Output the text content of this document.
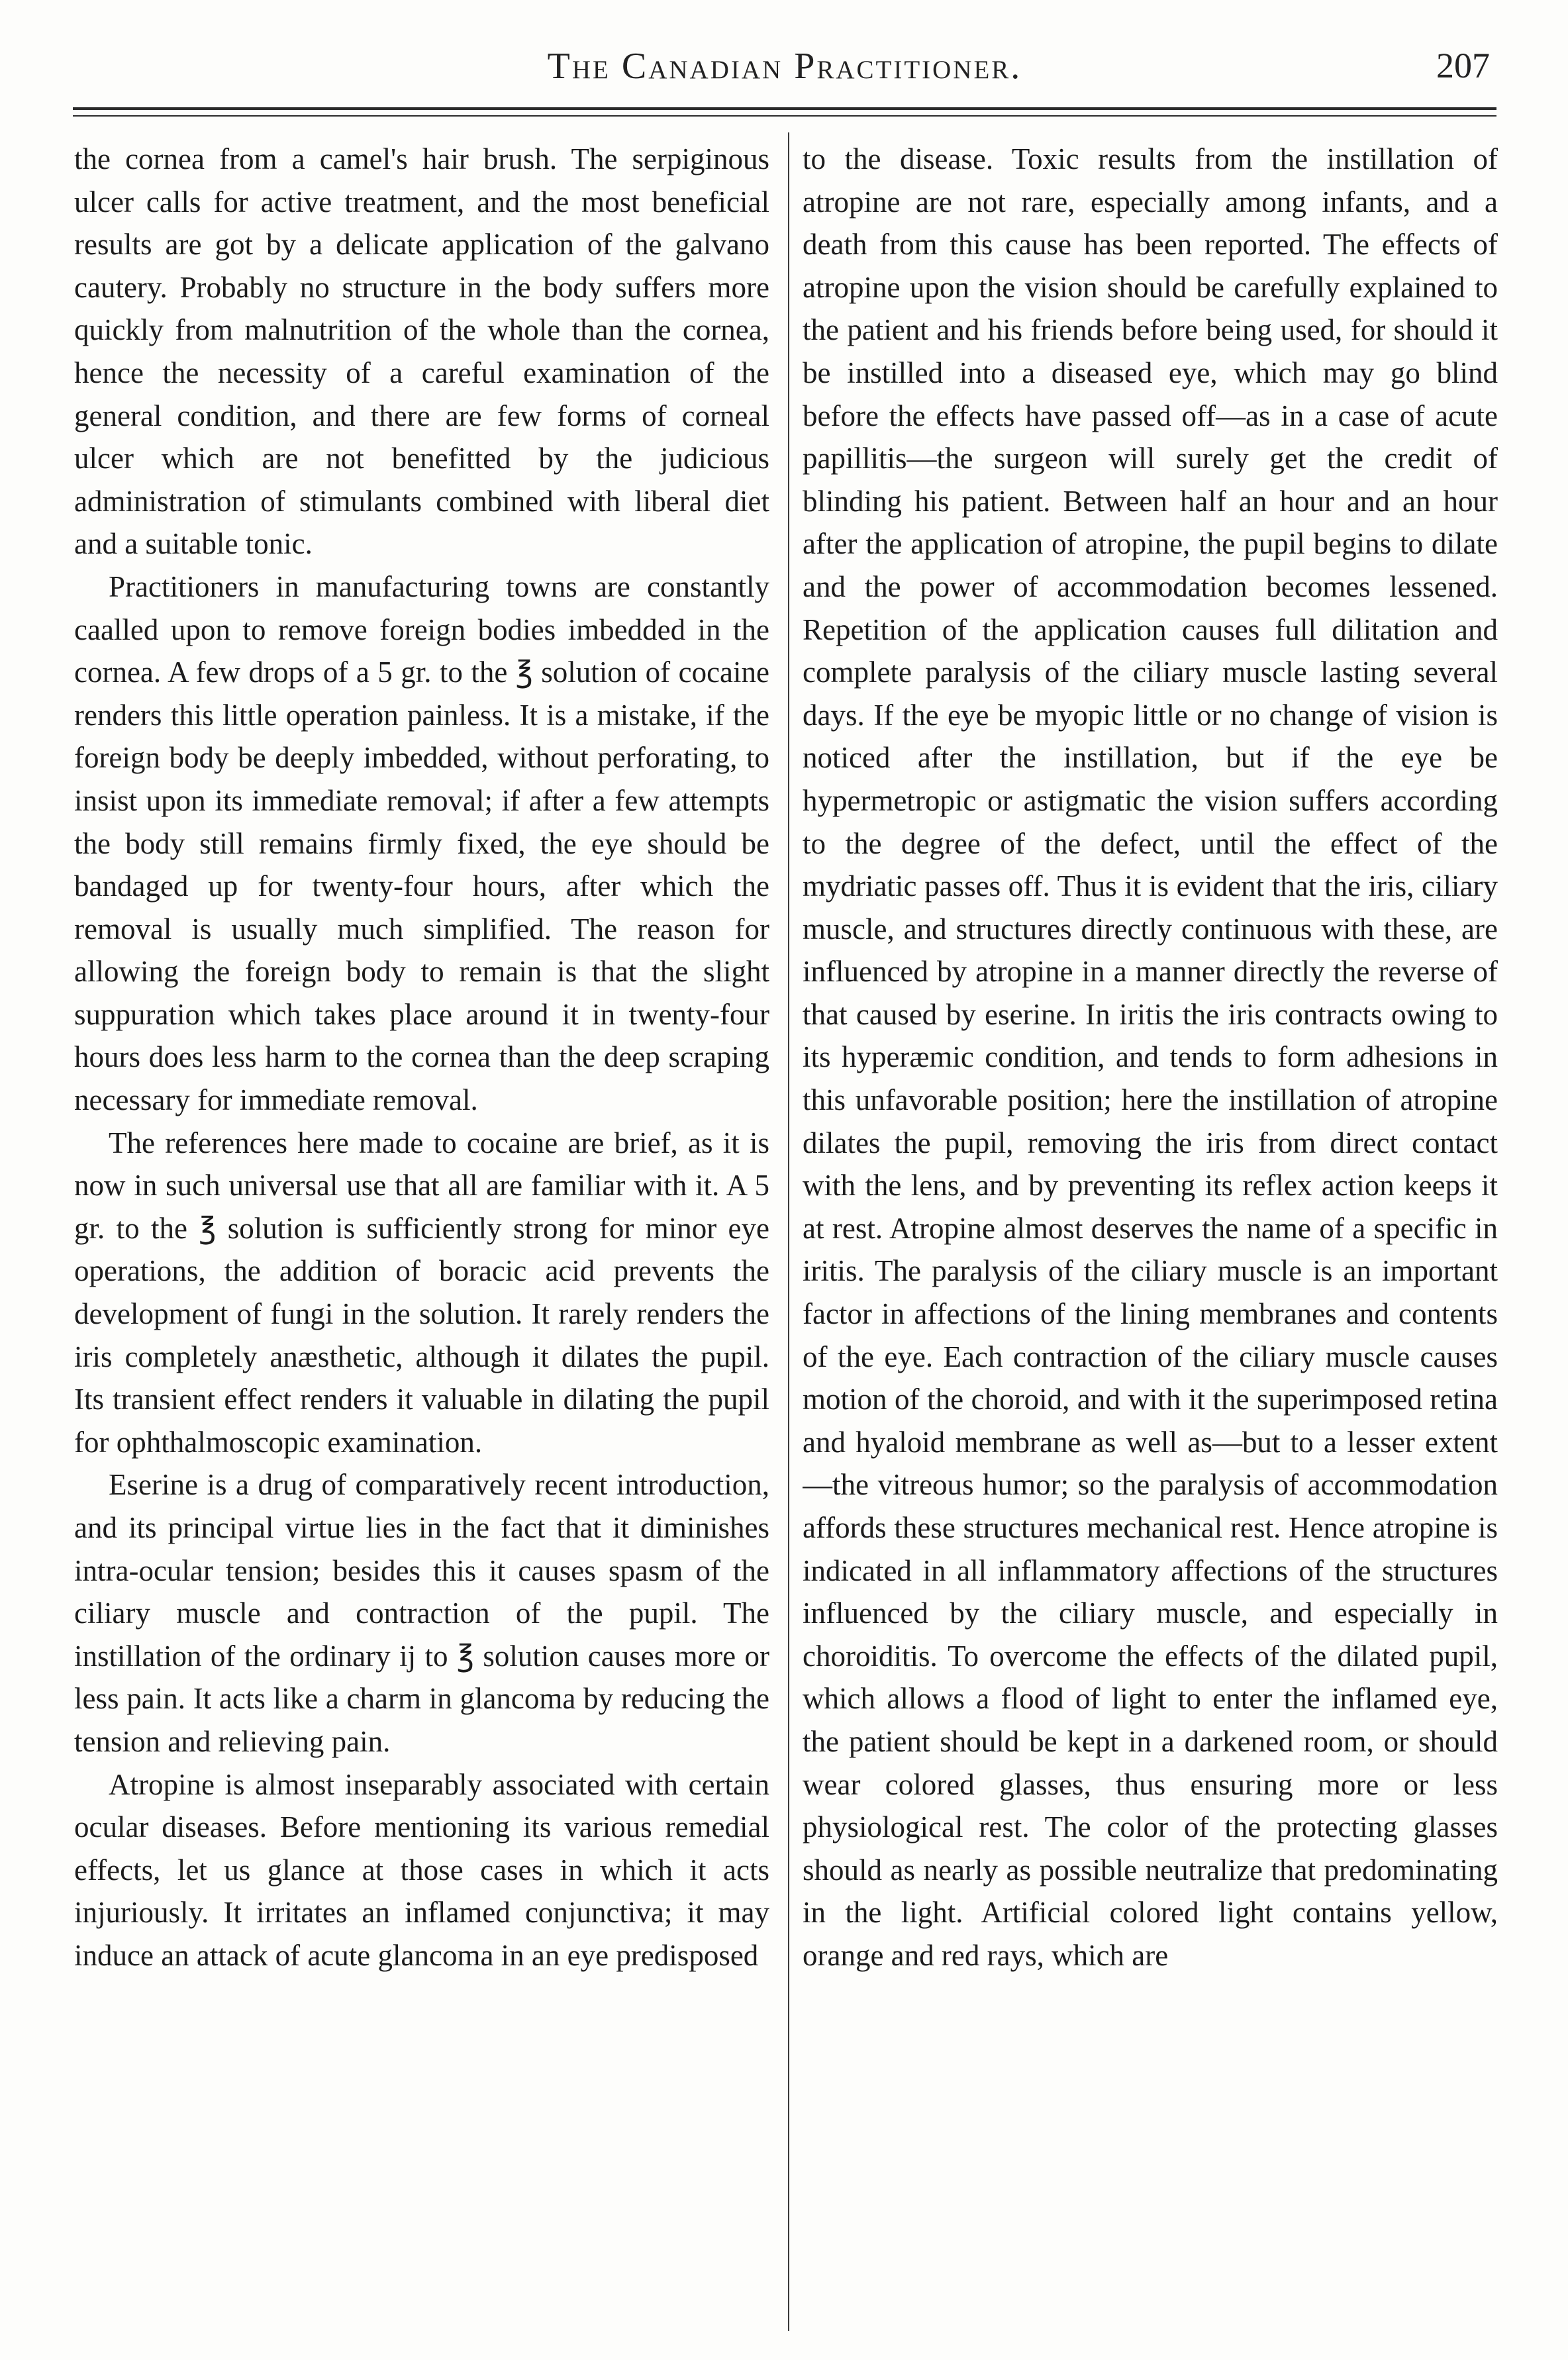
The Canadian Practitioner.	207

the cornea from a camel's hair brush. The serpiginous ulcer calls for active treatment, and the most beneficial results are got by a delicate application of the galvano cautery. Probably no structure in the body suffers more quickly from malnutrition of the whole than the cornea, hence the necessity of a careful examination of the general condition, and there are few forms of corneal ulcer which are not benefitted by the judicious administration of stimulants combined with liberal diet and a suitable tonic.

Practitioners in manufacturing towns are constantly caalled upon to remove foreign bodies imbedded in the cornea. A few drops of a 5 gr. to the ℥ solution of cocaine renders this little operation painless. It is a mistake, if the foreign body be deeply imbedded, without perforating, to insist upon its immediate removal; if after a few attempts the body still remains firmly fixed, the eye should be bandaged up for twenty-four hours, after which the removal is usually much simplified. The reason for allowing the foreign body to remain is that the slight suppuration which takes place around it in twenty-four hours does less harm to the cornea than the deep scraping necessary for immediate removal.

The references here made to cocaine are brief, as it is now in such universal use that all are familiar with it. A 5 gr. to the ℥ solution is sufficiently strong for minor eye operations, the addition of boracic acid prevents the development of fungi in the solution. It rarely renders the iris completely anæsthetic, although it dilates the pupil. Its transient effect renders it valuable in dilating the pupil for ophthalmoscopic examination.

Eserine is a drug of comparatively recent introduction, and its principal virtue lies in the fact that it diminishes intra-ocular tension; besides this it causes spasm of the ciliary muscle and contraction of the pupil. The instillation of the ordinary ij to ℥ solution causes more or less pain. It acts like a charm in glancoma by reducing the tension and relieving pain.

Atropine is almost inseparably associated with certain ocular diseases. Before mentioning its various remedial effects, let us glance at those cases in which it acts injuriously. It irritates an inflamed conjunctiva; it may induce an attack of acute glancoma in an eye predisposed

to the disease. Toxic results from the instillation of atropine are not rare, especially among infants, and a death from this cause has been reported. The effects of atropine upon the vision should be carefully explained to the patient and his friends before being used, for should it be instilled into a diseased eye, which may go blind before the effects have passed off—as in a case of acute papillitis—the surgeon will surely get the credit of blinding his patient. Between half an hour and an hour after the application of atropine, the pupil begins to dilate and the power of accommodation becomes lessened. Repetition of the application causes full dilitation and complete paralysis of the ciliary muscle lasting several days. If the eye be myopic little or no change of vision is noticed after the instillation, but if the eye be hypermetropic or astigmatic the vision suffers according to the degree of the defect, until the effect of the mydriatic passes off. Thus it is evident that the iris, ciliary muscle, and structures directly continuous with these, are influenced by atropine in a manner directly the reverse of that caused by eserine. In iritis the iris contracts owing to its hyperæmic condition, and tends to form adhesions in this unfavorable position; here the instillation of atropine dilates the pupil, removing the iris from direct contact with the lens, and by preventing its reflex action keeps it at rest. Atropine almost deserves the name of a specific in iritis. The paralysis of the ciliary muscle is an important factor in affections of the lining membranes and contents of the eye. Each contraction of the ciliary muscle causes motion of the choroid, and with it the superimposed retina and hyaloid membrane as well as—but to a lesser extent—the vitreous humor; so the paralysis of accommodation affords these structures mechanical rest. Hence atropine is indicated in all inflammatory affections of the structures influenced by the ciliary muscle, and especially in choroiditis. To overcome the effects of the dilated pupil, which allows a flood of light to enter the inflamed eye, the patient should be kept in a darkened room, or should wear colored glasses, thus ensuring more or less physiological rest. The color of the protecting glasses should as nearly as possible neutralize that predominating in the light. Artificial colored light contains yellow, orange and red rays, which are
